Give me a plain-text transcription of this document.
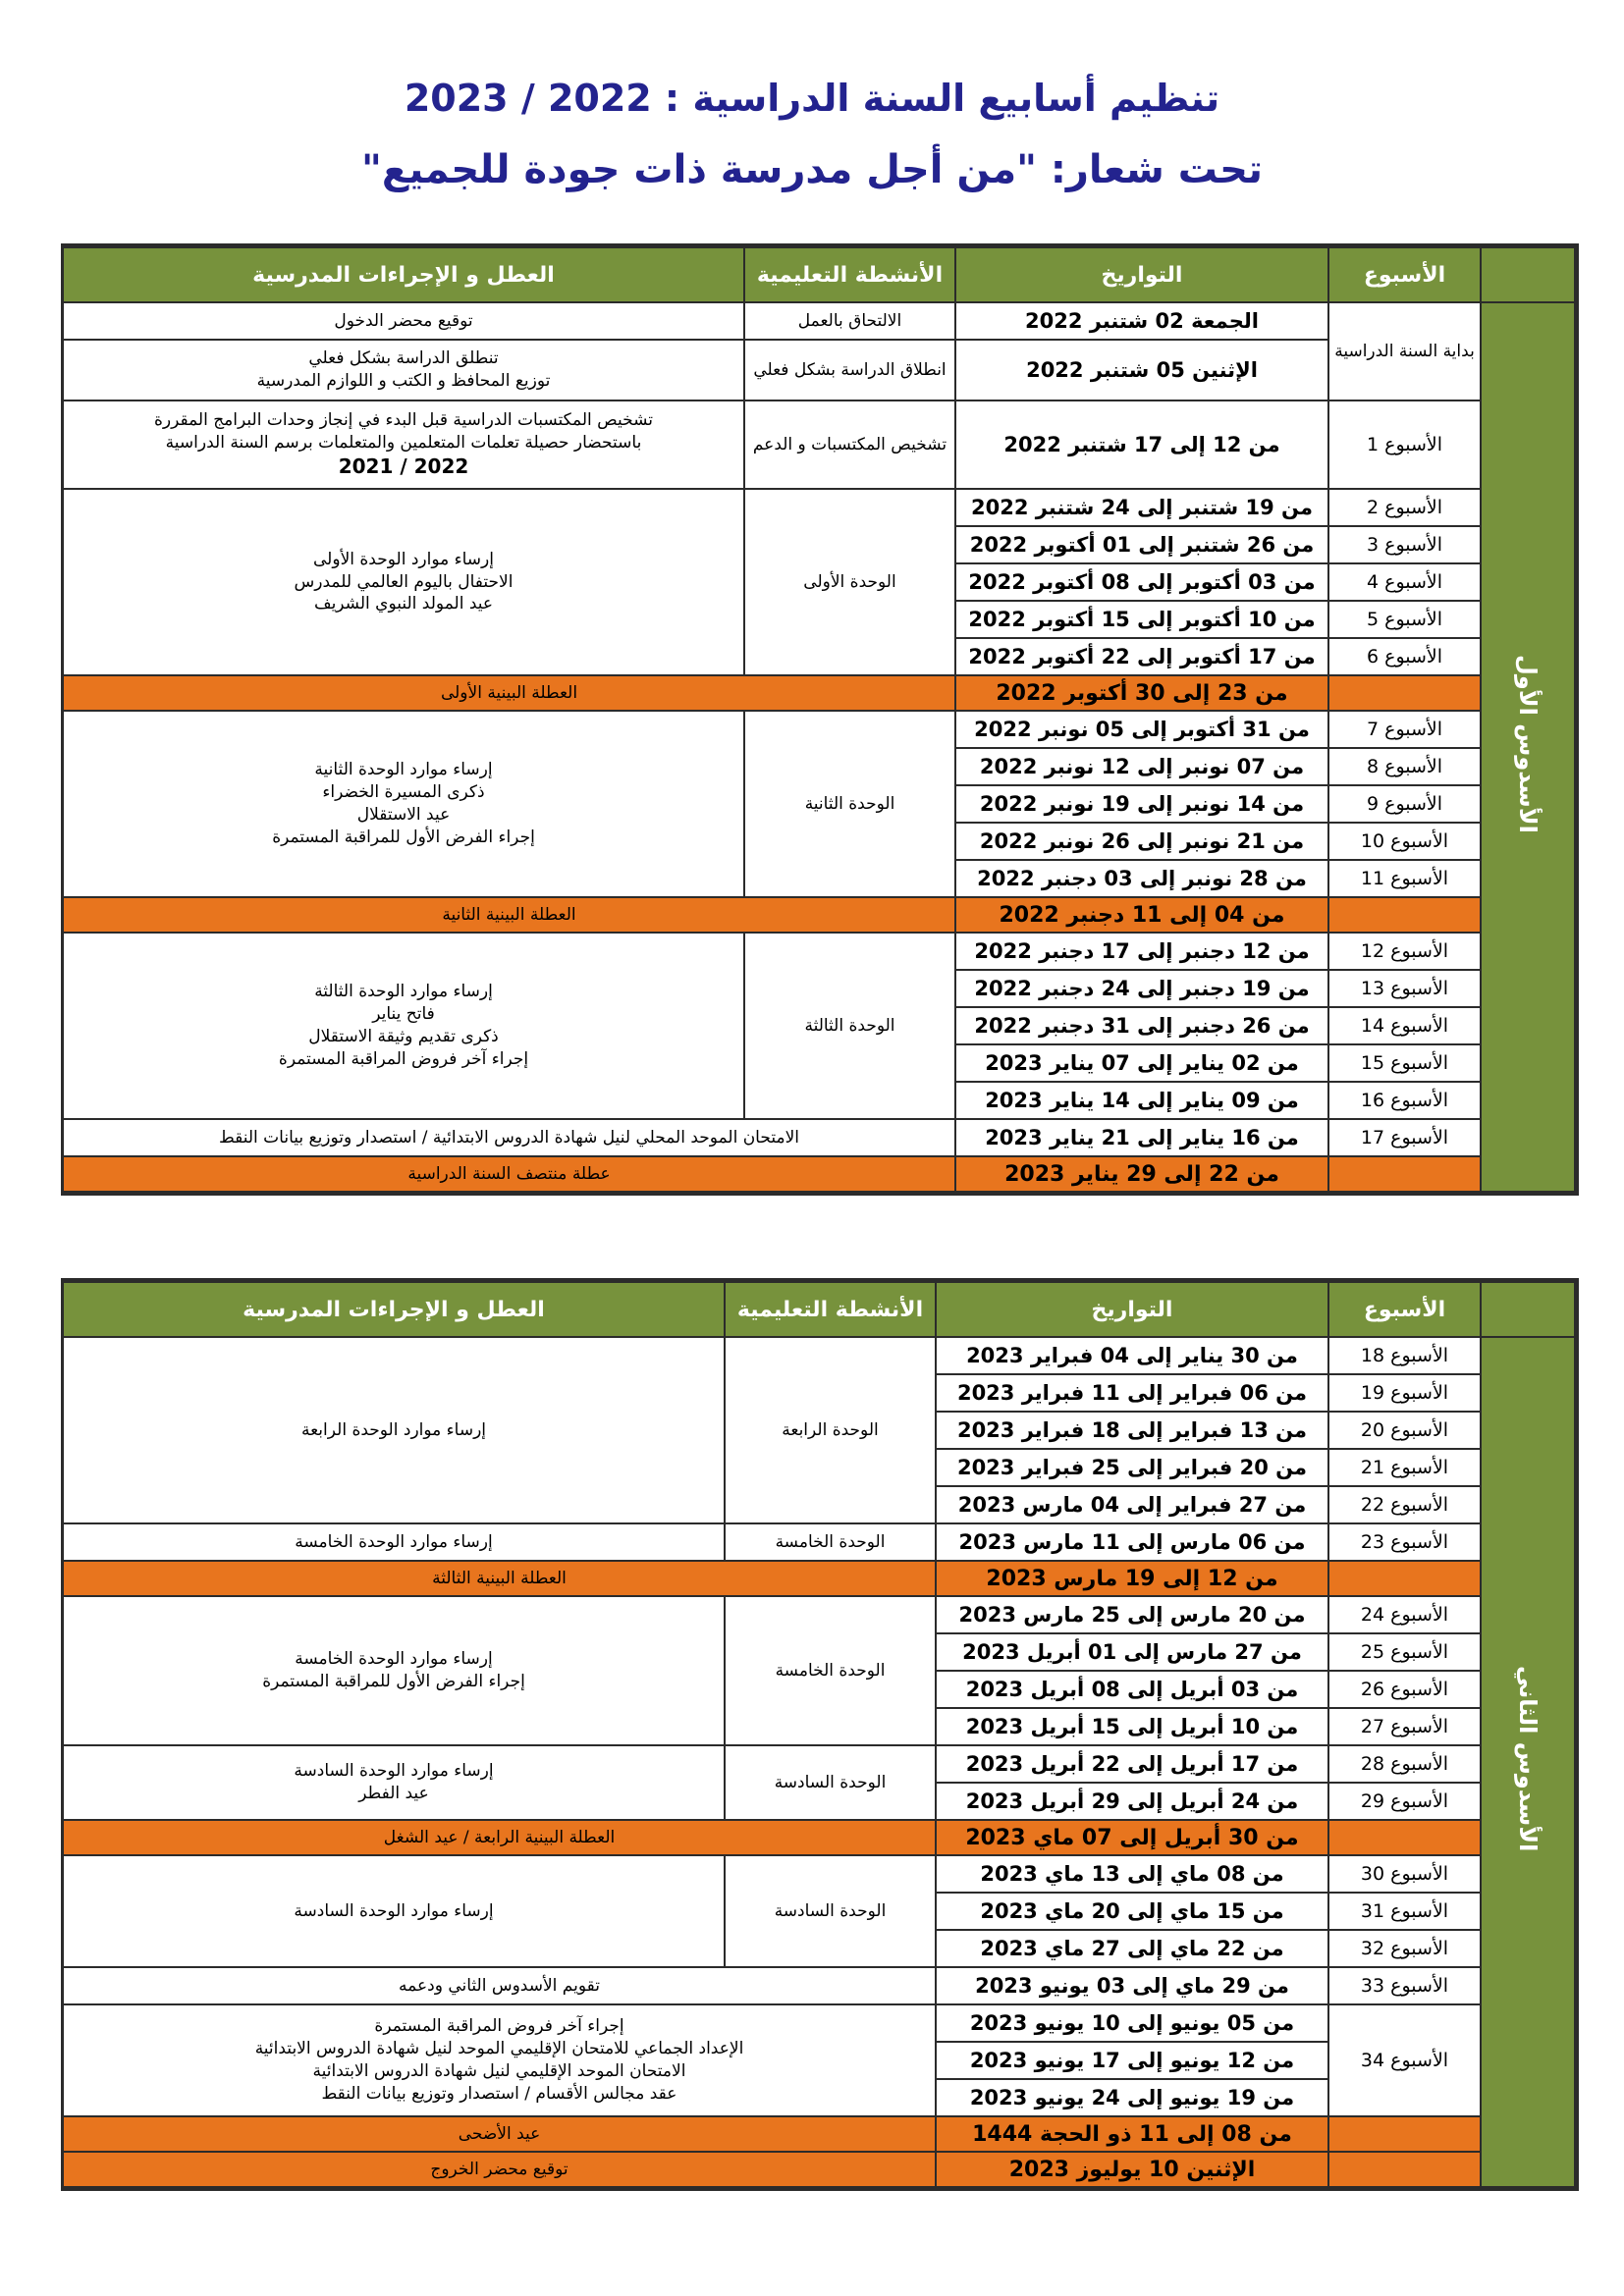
تنظيم أسابيع السنة الدراسية : 2022 / 2023
تحت شعار: "من أجل مدرسة ذات جودة للجميع"
	الأسبوع	التواريخ	الأنشطة التعليمية	العطل و الإجراءات المدرسية
الأسدوس الأول	بداية السنة الدراسية	الجمعة 02 شتنبر 2022	الالتحاق بالعمل	توقيع محضر الدخول

		الإثنين 05 شتنبر 2022	انطلاق الدراسة بشكل فعلي	تنطلق الدراسة بشكل فعلي
توزيع المحافظ و الكتب و اللوازم المدرسية

	الأسبوع 1	من 12 إلى 17 شتنبر 2022	تشخيص المكتسبات و الدعم	تشخيص المكتسبات الدراسية قبل البدء في إنجاز وحدات البرامج المقررة
باستحضار حصيلة تعلمات المتعلمين والمتعلمات برسم السنة الدراسية
2022 / 2021

	الأسبوع 2	من 19 شتنبر إلى 24 شتنبر 2022	الوحدة الأولى	إرساء موارد الوحدة الأولى
الاحتفال باليوم العالمي للمدرس
عيد المولد النبوي الشريف

	الأسبوع 3	من 26 شتنبر إلى 01 أكتوبر 2022		
	الأسبوع 4	من 03 أكتوبر إلى 08 أكتوبر 2022		
	الأسبوع 5	من 10 أكتوبر إلى 15 أكتوبر 2022		
	الأسبوع 6	من 17 أكتوبر إلى 22 أكتوبر 2022		
		من 23 إلى 30 أكتوبر 2022	العطلة البينية الأولى	
	الأسبوع 7	من 31 أكتوبر إلى 05 نونبر 2022	الوحدة الثانية	إرساء موارد الوحدة الثانية
ذكرى المسيرة الخضراء
عيد الاستقلال
إجراء الفرض الأول للمراقبة المستمرة

	الأسبوع 8	من 07 نونبر إلى 12 نونبر 2022		
	الأسبوع 9	من 14 نونبر إلى 19 نونبر 2022		
	الأسبوع 10	من 21 نونبر إلى 26 نونبر 2022		
	الأسبوع 11	من 28 نونبر إلى 03 دجنبر 2022		
		من 04 إلى 11 دجنبر 2022	العطلة البينية الثانية	
	الأسبوع 12	من 12 دجنبر إلى 17 دجنبر 2022	الوحدة الثالثة	إرساء موارد الوحدة الثالثة
فاتح يناير
ذكرى تقديم وثيقة الاستقلال
إجراء آخر فروض المراقبة المستمرة

	الأسبوع 13	من 19 دجنبر إلى 24 دجنبر 2022		
	الأسبوع 14	من 26 دجنبر إلى 31 دجنبر 2022		
	الأسبوع 15	من 02 يناير إلى 07 يناير 2023		
	الأسبوع 16	من 09 يناير إلى 14 يناير 2023		
	الأسبوع 17	من 16 يناير إلى 21 يناير 2023	الامتحان الموحد المحلي لنيل شهادة الدروس الابتدائية / استصدار وتوزيع بيانات النقط	

		من 22 إلى 29 يناير 2023	عطلة منتصف السنة الدراسية	
	الأسبوع	التواريخ	الأنشطة التعليمية	العطل و الإجراءات المدرسية
الأسدوس الثاني	الأسبوع 18	من 30 يناير إلى 04 فبراير 2023	الوحدة الرابعة	إرساء موارد الوحدة الرابعة

	الأسبوع 19	من 06 فبراير إلى 11 فبراير 2023		
	الأسبوع 20	من 13 فبراير إلى 18 فبراير 2023		
	الأسبوع 21	من 20 فبراير إلى 25 فبراير 2023		
	الأسبوع 22	من 27 فبراير إلى 04 مارس 2023		
	الأسبوع 23	من 06 مارس إلى 11 مارس 2023	الوحدة الخامسة	إرساء موارد الوحدة الخامسة

		من 12 إلى 19 مارس 2023	العطلة البينية الثالثة	
	الأسبوع 24	من 20 مارس إلى 25 مارس 2023	الوحدة الخامسة	إرساء موارد الوحدة الخامسة
إجراء الفرض الأول للمراقبة المستمرة

	الأسبوع 25	من 27 مارس إلى 01 أبريل 2023		
	الأسبوع 26	من 03 أبريل إلى 08 أبريل 2023		
	الأسبوع 27	من 10 أبريل إلى 15 أبريل 2023		
	الأسبوع 28	من 17 أبريل إلى 22 أبريل 2023	الوحدة السادسة	إرساء موارد الوحدة السادسة
عيد الفطر

	الأسبوع 29	من 24 أبريل إلى 29 أبريل 2023		
		من 30 أبريل إلى 07 ماي 2023	العطلة البينية الرابعة / عيد الشغل	
	الأسبوع 30	من 08 ماي إلى 13 ماي 2023	الوحدة السادسة	إرساء موارد الوحدة السادسة

	الأسبوع 31	من 15 ماي إلى 20 ماي 2023		
	الأسبوع 32	من 22 ماي إلى 27 ماي 2023		
	الأسبوع 33	من 29 ماي إلى 03 يونيو 2023	تقويم الأسدوس الثاني ودعمه	

	الأسبوع 34	من 05 يونيو إلى 10 يونيو 2023	إجراء آخر فروض المراقبة المستمرة
الإعداد الجماعي للامتحان الإقليمي الموحد لنيل شهادة الدروس الابتدائية
الامتحان الموحد الإقليمي لنيل شهادة الدروس الابتدائية
عقد مجالس الأقسام / استصدار وتوزيع بيانات النقط	

		من 12 يونيو إلى 17 يونيو 2023		
		من 19 يونيو إلى 24 يونيو 2023		
		من 08 إلى 11 ذو الحجة 1444	عيد الأضحى	
		الإثنين 10 يوليوز 2023	توقيع محضر الخروج	
